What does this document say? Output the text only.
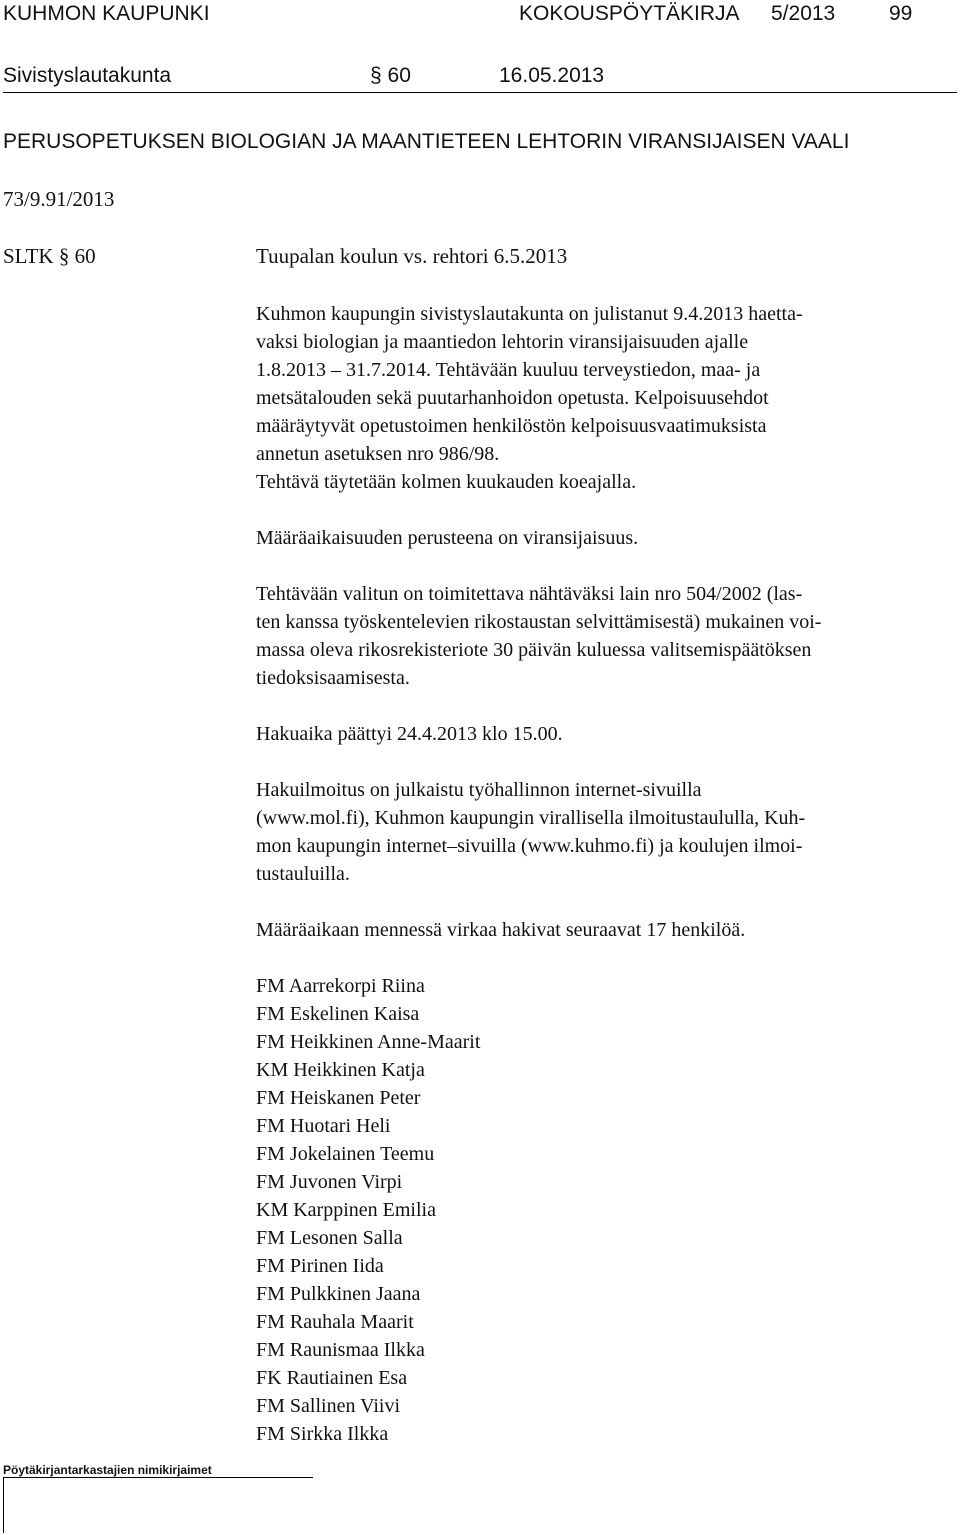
KUHMON KAUPUNKI	KOKOUSPÖYTÄKIRJA 5/2013	99
Sivistyslautakunta	§ 60	16.05.2013
PERUSOPETUKSEN BIOLOGIAN JA MAANTIETEEN LEHTORIN VIRANSIJAISEN VAALI
73/9.91/2013
SLTK § 60	Tuupalan koulun vs. rehtori 6.5.2013
Kuhmon kaupungin sivistyslautakunta on julistanut 9.4.2013 haetta-
vaksi biologian ja maantiedon lehtorin viransijaisuuden ajalle
1.8.2013 – 31.7.2014. Tehtävään kuuluu terveystiedon, maa- ja
metsätalouden sekä puutarhanhoidon opetusta. Kelpoisuusehdot
määräytyvät opetustoimen henkilöstön kelpoisuusvaatimuksista
annetun asetuksen nro 986/98.
Tehtävä täytetään kolmen kuukauden koeajalla.
Määräaikaisuuden perusteena on viransijaisuus.
Tehtävään valitun on toimitettava nähtäväksi lain nro 504/2002 (las-
ten kanssa työskentelevien rikostaustan selvittämisestä) mukainen voi-
massa oleva rikosrekisteriote 30 päivän kuluessa valitsemispäätöksen
tiedoksisaamisesta.
Hakuaika päättyi 24.4.2013 klo 15.00.
Hakuilmoitus on julkaistu työhallinnon internet-sivuilla
(www.mol.fi), Kuhmon kaupungin virallisella ilmoitustaululla, Kuh-
mon kaupungin internet–sivuilla (www.kuhmo.fi) ja koulujen ilmoi-
tustauluilla.
Määräaikaan mennessä virkaa hakivat seuraavat 17 henkilöä.
FM Aarrekorpi Riina
FM Eskelinen Kaisa
FM Heikkinen Anne-Maarit
KM Heikkinen Katja
FM Heiskanen Peter
FM Huotari Heli
FM Jokelainen Teemu
FM Juvonen Virpi
KM Karppinen Emilia
FM Lesonen Salla
FM Pirinen Iida
FM Pulkkinen Jaana
FM Rauhala Maarit
FM Raunismaa Ilkka
FK Rautiainen Esa
FM Sallinen Viivi
FM Sirkka Ilkka
Pöytäkirjantarkastajien nimikirjaimet
